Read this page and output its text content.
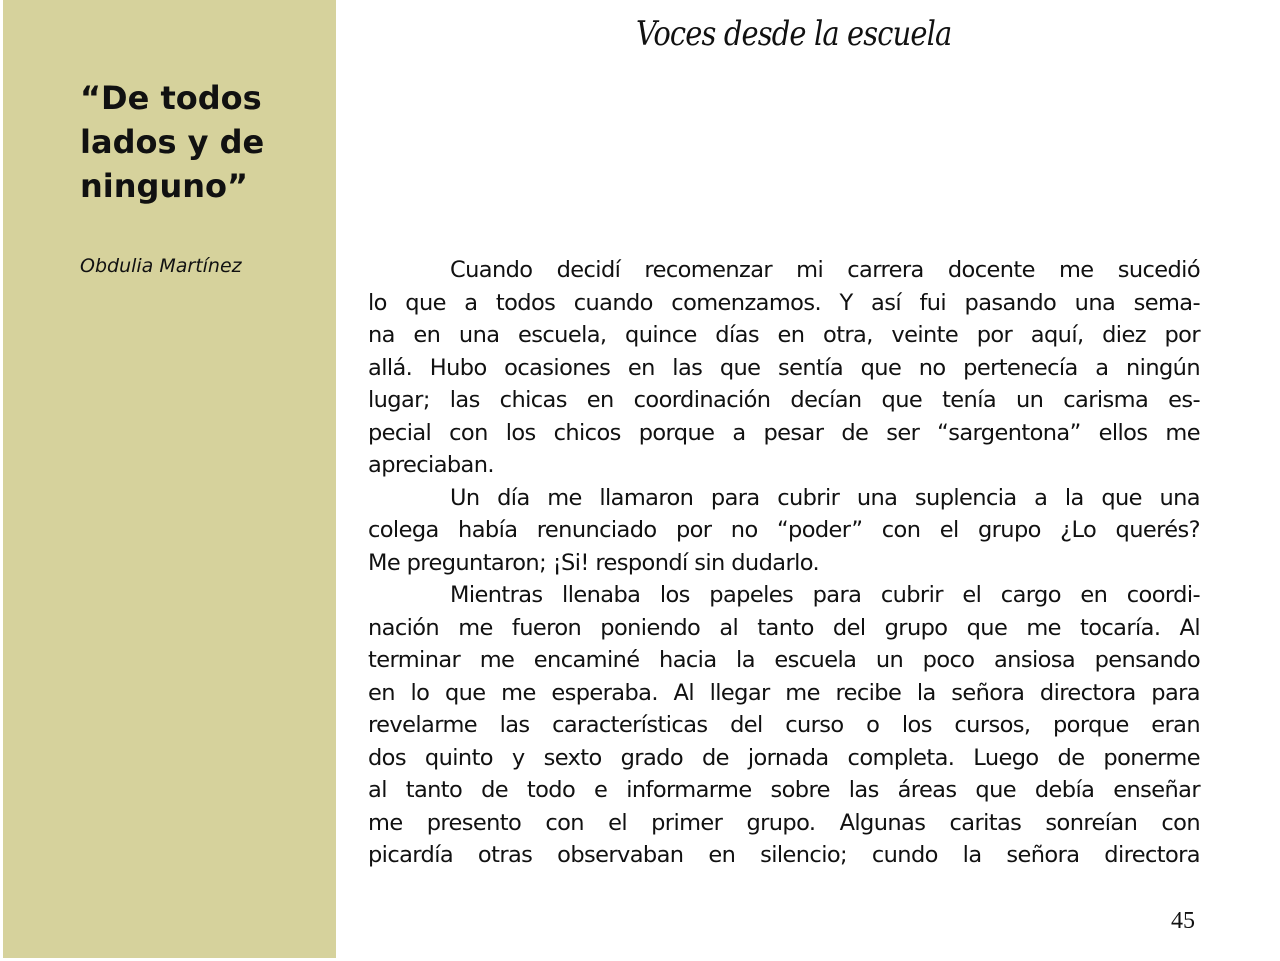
“De todos lados y de ninguno”
Obdulia Martínez
Voces desde la escuela
Cuando decidí recomenzar mi carrera docente me sucedió
lo que a todos cuando comenzamos. Y así fui pasando una sema-
na en una escuela, quince días en otra, veinte por aquí, diez por
allá. Hubo ocasiones en las que sentía que no pertenecía a ningún
lugar; las chicas en coordinación decían que tenía un carisma es-
pecial con los chicos porque a pesar de ser “sargentona” ellos me
apreciaban.
Un día me llamaron para cubrir una suplencia a la que una
colega había renunciado por no “poder” con el grupo ¿Lo querés?
Me preguntaron; ¡Si! respondí sin dudarlo.
Mientras llenaba los papeles para cubrir el cargo en coordi-
nación me fueron poniendo al tanto del grupo que me tocaría. Al
terminar me encaminé hacia la escuela un poco ansiosa pensando
en lo que me esperaba. Al llegar me recibe la señora directora para
revelarme las características del curso o los cursos, porque eran
dos quinto y sexto grado de jornada completa. Luego de ponerme
al tanto de todo e informarme sobre las áreas que debía enseñar
me presento con el primer grupo. Algunas caritas sonreían con
picardía otras observaban en silencio; cundo la señora directora
45
